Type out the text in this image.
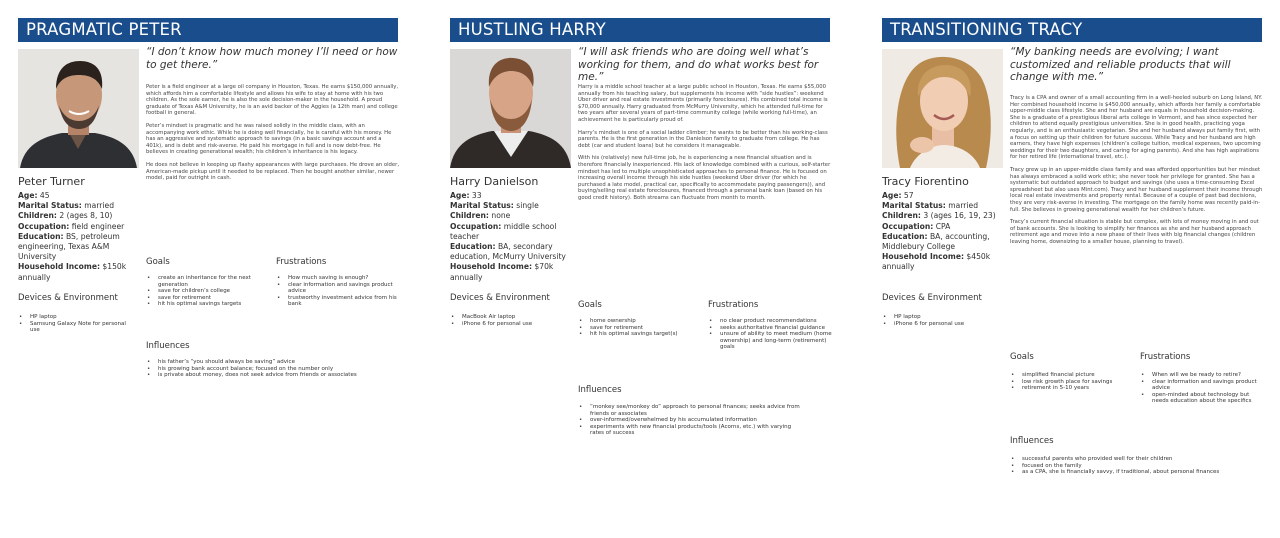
PRAGMATIC PETER
“I don’t know how much money I’ll need or how to get there.”

Peter is a field engineer at a large oil company in Houston, Texas. He earns $150,000 annually, which affords him a comfortable lifestyle and allows his wife to stay at home with his two children. As the sole earner, he is also the sole decision-maker in the household. A proud graduate of Texas A&M University, he is an avid backer of the Aggies (a 12th man) and college football in general.

Peter’s mindset is pragmatic and he was raised solidly in the middle class, with an accompanying work ethic. While he is doing well financially, he is careful with his money. He has an aggressive and systematic approach to savings (in a basic savings account and a 401k), and is debt and risk-averse. He paid his mortgage in full and is now debt-free. He believes in creating generational wealth; his children’s inheritance is his legacy.

He does not believe in keeping up flashy appearances with large purchases. He drove an older, American-made pickup until it needed to be replaced. Then he bought another similar, newer model, paid for outright in cash.

Peter Turner
Age: 45
Marital Status: married
Children: 2 (ages 8, 10)
Occupation: field engineer
Education: BS, petroleum engineering, Texas A&M University
Household Income: $150k annually
Devices & Environment
• HP laptop
• Samsung Galaxy Note for personal use
Goals
• create an inheritance for the next generation
• save for children’s college
• save for retirement
• hit his optimal savings targets
Frustrations
• How much saving is enough?
• clear information and savings product advice
• trustworthy investment advice from his bank
Influences
• his father’s “you should always be saving” advice
• his growing bank account balance; focused on the number only
• is private about money, does not seek advice from friends or associates
HUSTLING HARRY
“I will ask friends who are doing well what’s working for them, and do what works best for me.”

Harry is a middle school teacher at a large public school in Houston, Texas. He earns $55,000 annually from his teaching salary, but supplements his income with “side hustles”: weekend Uber driver and real estate investments (primarily foreclosures). His combined total income is $70,000 annually. Harry graduated from McMurry University, which he attended full-time for two years after several years of part-time community college (while working full-time), an achievement he is particularly proud of.

Harry’s mindset is one of a social ladder climber; he wants to be better than his working-class parents. He is the first generation in the Danielson family to graduate from college. He has debt (car and student loans) but he considers it manageable.

With his (relatively) new full-time job, he is experiencing a new financial situation and is therefore financially inexperienced. His lack of knowledge combined with a curious, self-starter mindset has led to multiple unsophisticated approaches to personal finance. He is focused on increasing overall income through his side hustles (weekend Uber driver (for which he purchased a late model, practical car, specifically to accommodate paying passengers)), and buying/selling real estate foreclosures, financed through a personal bank loan (based on his good credit history). Both streams can fluctuate from month to month.

Harry Danielson
Age: 33
Marital Status: single
Children: none
Occupation: middle school teacher
Education: BA, secondary education, McMurry University
Household Income: $70k annually
Devices & Environment
• MacBook Air laptop
• iPhone 6 for personal use
Goals
• home ownership
• save for retirement
• hit his optimal savings target(s)
Frustrations
• no clear product recommendations
• seeks authoritative financial guidance
• unsure of ability to meet medium (home ownership) and long-term (retirement) goals
Influences
• “monkey see/monkey do” approach to personal finances; seeks advice from friends or associates
• over-informed/overwhelmed by his accumulated information
• experiments with new financial products/tools (Acorns, etc.) with varying rates of success
TRANSITIONING TRACY
“My banking needs are evolving; I want customized and reliable products that will change with me.”

Tracy is a CPA and owner of a small accounting firm in a well-heeled suburb on Long Island, NY. Her combined household income is $450,000 annually, which affords her family a comfortable upper-middle class lifestyle. She and her husband are equals in household decision-making. She is a graduate of a prestigious liberal arts college in Vermont, and has since expected her children to attend equally prestigious universities. She is in good health, practicing yoga regularly, and is an enthusiastic vegetarian. She and her husband always put family first, with a focus on setting up their children for future success. While Tracy and her husband are high earners, they have high expenses (children’s college tuition, medical expenses, two upcoming weddings for their two daughters, and caring for aging parents). And she has high aspirations for her retired life (international travel, etc.).

Tracy grew up in an upper-middle class family and was afforded opportunities but her mindset has always embraced a solid work ethic; she never took her privilege for granted. She has a systematic but outdated approach to budget and savings (she uses a time-consuming Excel spreadsheet but also uses Mint.com). Tracy and her husband supplement their income through local real estate investments and property rental. Because of a couple of past bad decisions, they are very risk-averse in investing. The mortgage on the family home was recently paid-in-full. She believes in growing generational wealth for her children’s future.

Tracy’s current financial situation is stable but complex, with lots of money moving in and out of bank accounts. She is looking to simplify her finances as she and her husband approach retirement age and move into a new phase of their lives with big financial changes (children leaving home, downsizing to a smaller house, planning to travel).

Tracy Fiorentino
Age: 57
Marital Status: married
Children: 3 (ages 16, 19, 23)
Occupation: CPA
Education: BA, accounting, Middlebury College
Household Income: $450k annually
Devices & Environment
• HP laptop
• iPhone 6 for personal use
Goals
• simplified financial picture
• low risk growth place for savings
• retirement in 5-10 years
Frustrations
• When will we be ready to retire?
• clear information and savings product advice
• open-minded about technology but needs education about the specifics
Influences
• successful parents who provided well for their children
• focused on the family
• as a CPA, she is financially savvy, if traditional, about personal finances
